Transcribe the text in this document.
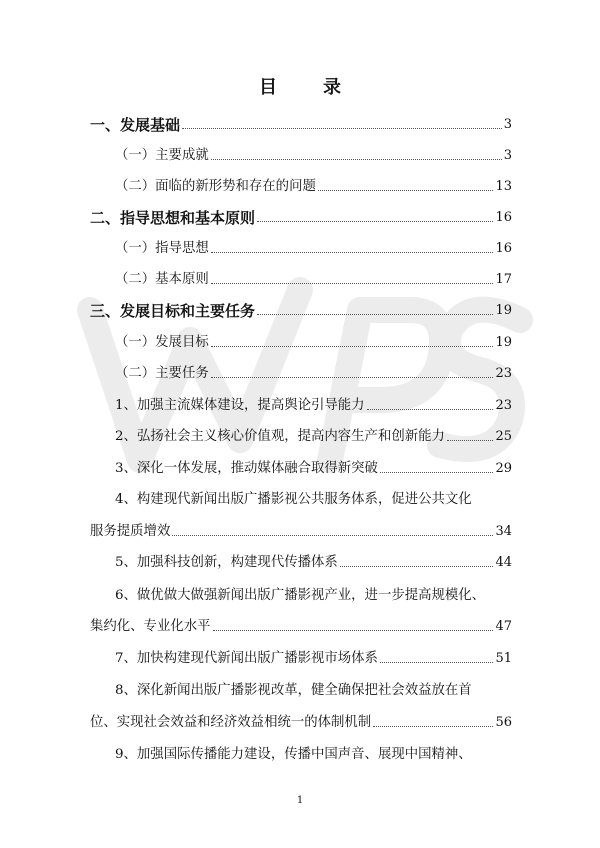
WPS
目　录
一、发展基础	3
（一）主要成就	3
（二）面临的新形势和存在的问题	13
二、指导思想和基本原则	16
（一）指导思想	16
（二）基本原则	17
三、发展目标和主要任务	19
（一）发展目标	19
（二）主要任务	23
1、加强主流媒体建设，提高舆论引导能力	23
2、弘扬社会主义核心价值观，提高内容生产和创新能力	25
3、深化一体发展，推动媒体融合取得新突破	29
4、构建现代新闻出版广播影视公共服务体系，促进公共文化
服务提质增效	34
5、加强科技创新，构建现代传播体系	44
6、做优做大做强新闻出版广播影视产业，进一步提高规模化、
集约化、专业化水平	47
7、加快构建现代新闻出版广播影视市场体系	51
8、深化新闻出版广播影视改革，健全确保把社会效益放在首
位、实现社会效益和经济效益相统一的体制机制	56
9、加强国际传播能力建设，传播中国声音、展现中国精神、
1
